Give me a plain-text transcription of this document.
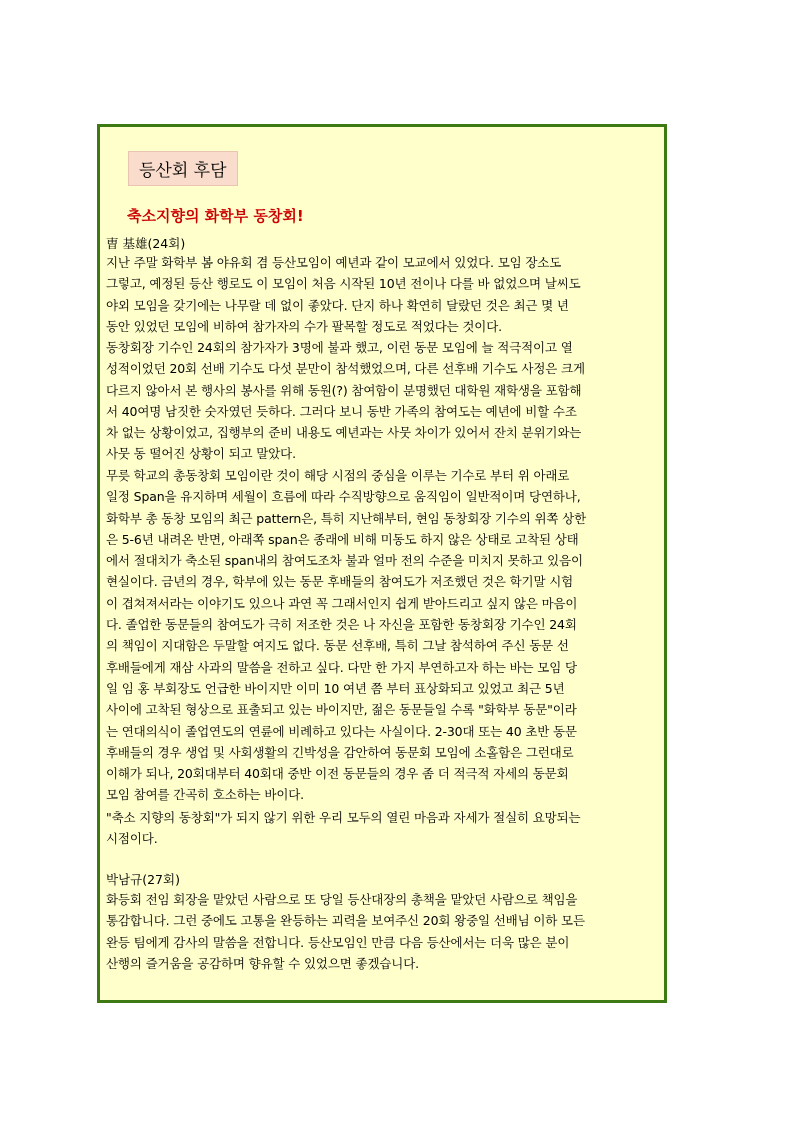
등산회 후담
축소지향의 화학부 동창회!
曺 基雄(24회)

지난 주말 화학부 봄 야유회 겸 등산모임이 예년과 같이 모교에서 있었다. 모임 장소도
그렇고, 예정된 등산 행로도 이 모임이 처음 시작된 10년 전이나 다를 바 없었으며 날씨도
야외 모임을 갖기에는 나무랄 데 없이 좋았다. 단지 하나 확연히 달랐던 것은 최근 몇 년
동안 있었던 모임에 비하여 참가자의 수가 팔목할 정도로 적었다는 것이다.

동창회장 기수인 24회의 참가자가 3명에 불과 했고, 이런 동문 모임에 늘 적극적이고 열
성적이었던 20회 선배 기수도 다섯 분만이 참석했었으며, 다른 선후배 기수도 사정은 크게
다르지 않아서 본 행사의 봉사를 위해 동원(?) 참여함이 분명했던 대학원 재학생을 포함해
서 40여명 남짓한 숫자였던 듯하다. 그러다 보니 동반 가족의 참여도는 예년에 비할 수조
차 없는 상황이었고, 집행부의 준비 내용도 예년과는 사뭇 차이가 있어서 잔치 분위기와는
사뭇 동 떨어진 상황이 되고 말았다.

무릇 학교의 총동창회 모임이란 것이 해당 시점의 중심을 이루는 기수로 부터 위 아래로
일정 Span을 유지하며 세월이 흐름에 따라 수직방향으로 움직임이 일반적이며 당연하나,
화학부 총 동창 모임의 최근 pattern은, 특히 지난해부터, 현임 동창회장 기수의 위쪽 상한
은 5-6년 내려온 반면, 아래쪽 span은 종래에 비해 미동도 하지 않은 상태로 고착된 상태
에서 절대치가 축소된 span내의 참여도조차 불과 얼마 전의 수준을 미치지 못하고 있음이
현실이다. 금년의 경우, 학부에 있는 동문 후배들의 참여도가 저조했던 것은 학기말 시험
이 겹쳐져서라는 이야기도 있으나 과연 꼭 그래서인지 쉽게 받아드리고 싶지 않은 마음이
다. 졸업한 동문들의 참여도가 극히 저조한 것은 나 자신을 포함한 동창회장 기수인 24회
의 책임이 지대함은 두말할 여지도 없다. 동문 선후배, 특히 그날 참석하여 주신 동문 선
후배들에게 재삼 사과의 말씀을 전하고 싶다. 다만 한 가지 부연하고자 하는 바는 모임 당
일 임 홍 부회장도 언급한 바이지만 이미 10 여년 쯤 부터 표상화되고 있었고 최근 5년
사이에 고착된 형상으로 표출되고 있는 바이지만, 젊은 동문들일 수록 "화학부 동문"이라
는 연대의식이 졸업연도의 연륜에 비례하고 있다는 사실이다. 2-30대 또는 40 초반 동문
후배들의 경우 생업 및 사회생활의 긴박성을 감안하여 동문회 모임에 소홀함은 그런대로
이해가 되나, 20회대부터 40회대 중반 이전 동문들의 경우 좀 더 적극적 자세의 동문회
모임 참여를 간곡히 호소하는 바이다.

"축소 지향의 동창회"가 되지 않기 위한 우리 모두의 열린 마음과 자세가 절실히 요망되는
시점이다.

박남규(27회)

화등회 전임 회장을 맡았던 사람으로 또 당일 등산대장의 총책을 맡았던 사람으로 책임을
통감합니다. 그런 중에도 고통을 완등하는 괴력을 보여주신 20회 왕중일 선배님 이하 모든
완등 팀에게 감사의 말씀을 전합니다. 등산모임인 만큼 다음 등산에서는 더욱 많은 분이
산행의 즐거움을 공감하며 향유할 수 있었으면 좋겠습니다.
